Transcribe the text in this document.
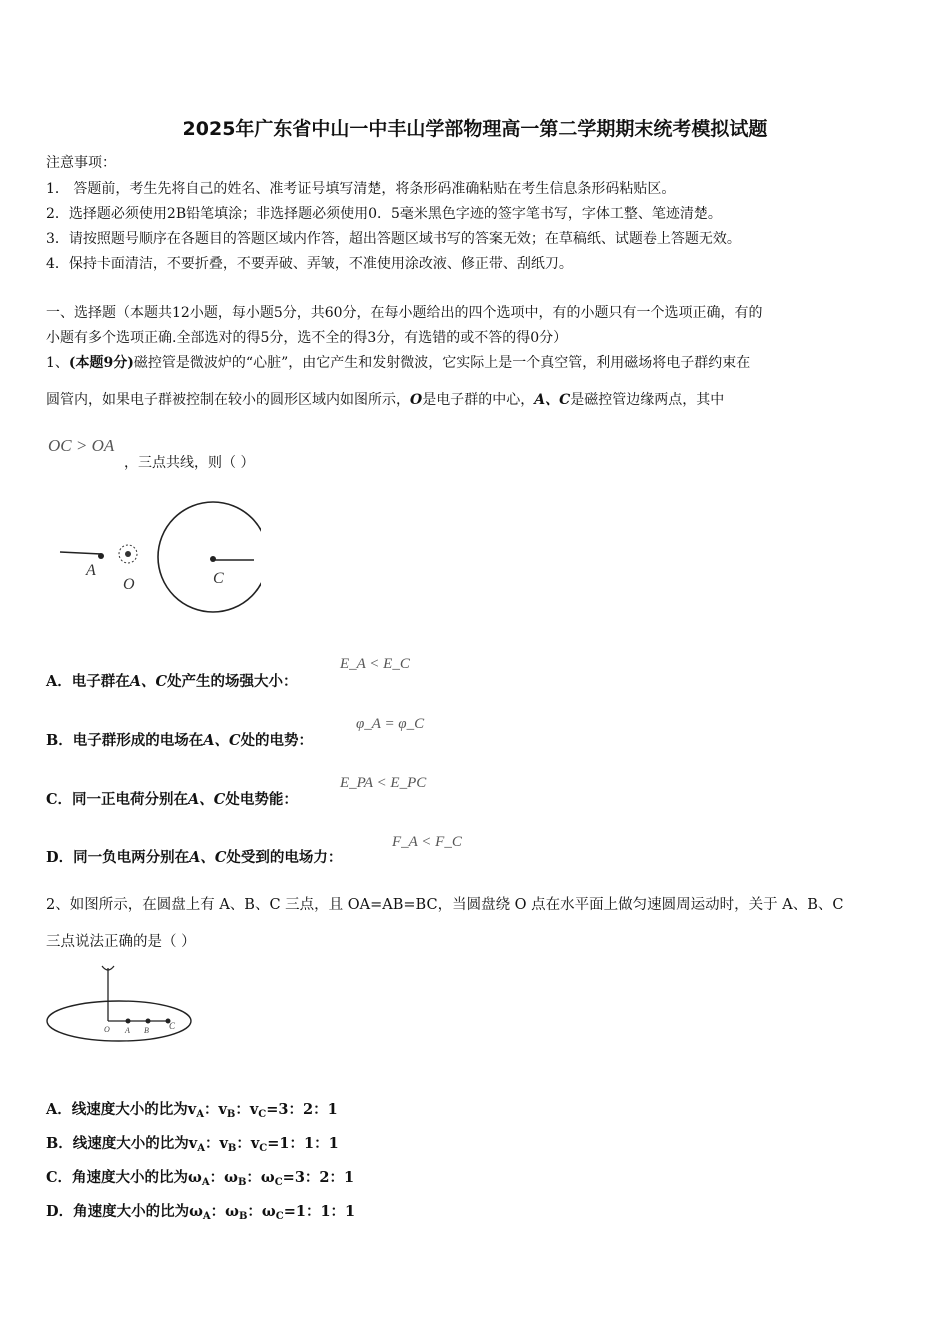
2025年广东省中山一中丰山学部物理高一第二学期期末统考模拟试题
注意事项：
1． 答题前，考生先将自己的姓名、准考证号填写清楚，将条形码准确粘贴在考生信息条形码粘贴区。
2．选择题必须使用2B铅笔填涂；非选择题必须使用0．5毫米黑色字迹的签字笔书写，字体工整、笔迹清楚。
3．请按照题号顺序在各题目的答题区域内作答，超出答题区域书写的答案无效；在草稿纸、试题卷上答题无效。
4．保持卡面清洁，不要折叠，不要弄破、弄皱，不准使用涂改液、修正带、刮纸刀。
一、选择题（本题共12小题，每小题5分，共60分，在每小题给出的四个选项中，有的小题只有一个选项正确，有的
小题有多个选项正确.全部选对的得5分，选不全的得3分，有选错的或不答的得0分）
1、(本题9分)磁控管是微波炉的“心脏”，由它产生和发射微波，它实际上是一个真空管，利用磁场将电子群约束在
圆管内，如果电子群被控制在较小的圆形区域内如图所示，O是电子群的中心，A、C是磁控管边缘两点，其中
OC > OA
，三点共线，则（ ）
A
O	C
A．电子群在A、C处产生的场强大小：
E_A < E_C
B．电子群形成的电场在A、C处的电势：
φ_A = φ_C
C．同一正电荷分别在A、C处电势能：
E_PA < E_PC
D．同一负电两分别在A、C处受到的电场力：
F_A < F_C
2、如图所示，在圆盘上有 A、B、C 三点，且 OA=AB=BC，当圆盘绕 O 点在水平面上做匀速圆周运动时，关于 A、B、C
三点说法正确的是（ ）
O A B C
A．线速度大小的比为$v_A$：$v_B$：$v_C=3$：2：1
B．线速度大小的比为$v_A$：$v_B$：$v_C=1$：1：1
C．角速度大小的比为$\omega_A$：$\omega_B$：$\omega_C=3$：2：1
D．角速度大小的比为$\omega_A$：$\omega_B$：$\omega_C=1$：1：1
